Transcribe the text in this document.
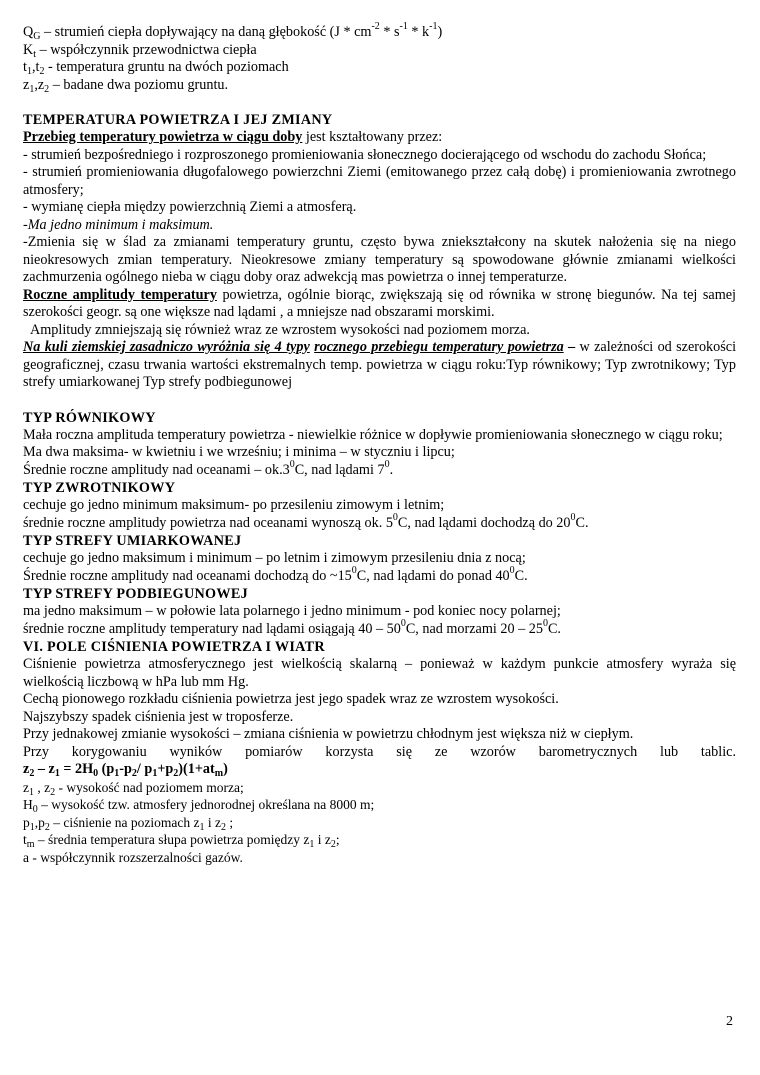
$Q_G$ – strumień ciepła dopływający na daną głębokość $(J * cm^{-2} * s^{-1} * k^{-1})$
$K_t$ – współczynnik przewodnictwa ciepła
$t_1,t_2$ - temperatura gruntu na dwóch poziomach
$z_1,z_2$ – badane dwa poziomu gruntu.
TEMPERATURA POWIETRZA I JEJ ZMIANY
Przebieg temperatury powietrza w ciągu doby jest kształtowany przez:
- strumień bezpośredniego i rozproszonego promieniowania słonecznego docierającego od wschodu do zachodu Słońca;
- strumień promieniowania długofalowego powierzchni Ziemi (emitowanego przez całą dobę) i promieniowania zwrotnego atmosfery;
- wymianę ciepła między powierzchnią Ziemi a atmosferą.
-Ma jedno minimum i maksimum.
-Zmienia się w ślad za zmianami temperatury gruntu, często bywa zniekształcony na skutek nałożenia się na niego nieokresowych zmian temperatury. Nieokresowe zmiany temperatury są spowodowane głównie zmianami wielkości zachmurzenia ogólnego nieba w ciągu doby oraz adwekcją mas powietrza o innej temperaturze.
Roczne amplitudy temperatury powietrza, ogólnie biorąc, zwiększają się od równika w stronę biegunów. Na tej samej szerokości geogr. są one większe nad lądami , a mniejsze nad obszarami morskimi.
Amplitudy zmniejszają się również wraz ze wzrostem wysokości nad poziomem morza.
Na kuli ziemskiej zasadniczo wyróżnia się 4 typy rocznego przebiegu temperatury powietrza – w zależności od szerokości geograficznej, czasu trwania wartości ekstremalnych temp. powietrza w ciągu roku:Typ równikowy; Typ zwrotnikowy; Typ strefy umiarkowanej Typ strefy podbiegunowej
TYP RÓWNIKOWY
Mała roczna amplituda temperatury powietrza - niewielkie różnice w dopływie promieniowania słonecznego w ciągu roku;
Ma dwa maksima- w kwietniu i we wrześniu; i minima – w styczniu i lipcu;
Średnie roczne amplitudy nad oceanami – $ok.3^0C$, nad lądami $7^0$.
TYP ZWROTNIKOWY
cechuje go jedno minimum maksimum- po przesileniu zimowym i letnim;
średnie roczne amplitudy powietrza nad oceanami wynoszą ok. $5^0C$, nad lądami dochodzą do $20^0C$.
TYP STREFY UMIARKOWANEJ
cechuje go jedno maksimum i minimum – po letnim i zimowym przesileniu dnia z nocą;
Średnie roczne amplitudy nad oceanami dochodzą do $\sim 15^0C$, nad lądami do ponad $40^0C$.
TYP STREFY PODBIEGUNOWEJ
ma jedno maksimum – w połowie lata polarnego i jedno minimum - pod koniec nocy polarnej;
średnie roczne amplitudy temperatury nad lądami osiągają $40 - 50^0C$, nad morzami $20 - 25^0C$.
VI. POLE CIŚNIENIA POWIETRZA I WIATR
Ciśnienie powietrza atmosferycznego jest wielkością skalarną – ponieważ w każdym punkcie atmosfery wyraża się wielkością liczbową w hPa lub mm Hg.
Cechą pionowego rozkładu ciśnienia powietrza jest jego spadek wraz ze wzrostem wysokości.
Najszybszy spadek ciśnienia jest w troposferze.
Przy jednakowej zmianie wysokości – zmiana ciśnienia w powietrzu chłodnym jest większa niż w ciepłym.
Przy korygowaniu wyników pomiarów korzysta się ze wzorów barometrycznych lub tablic.
$z_2 - z_1 = 2H_0$ ($p_1-p_2/$ $p_1+p_2)(1+at_m)$
$z_1$ , $z_2$ - wysokość nad poziomem morza;
$H_0$ – wysokość tzw. atmosfery jednorodnej określana na 8000 m;
$p_1,p_2$ – ciśnienie na poziomach $z_1$ i $z_2$ ;
$t_m$ – średnia temperatura słupa powietrza pomiędzy $z_1$ i $z_2$;
a - współczynnik rozszerzalności gazów.
2
